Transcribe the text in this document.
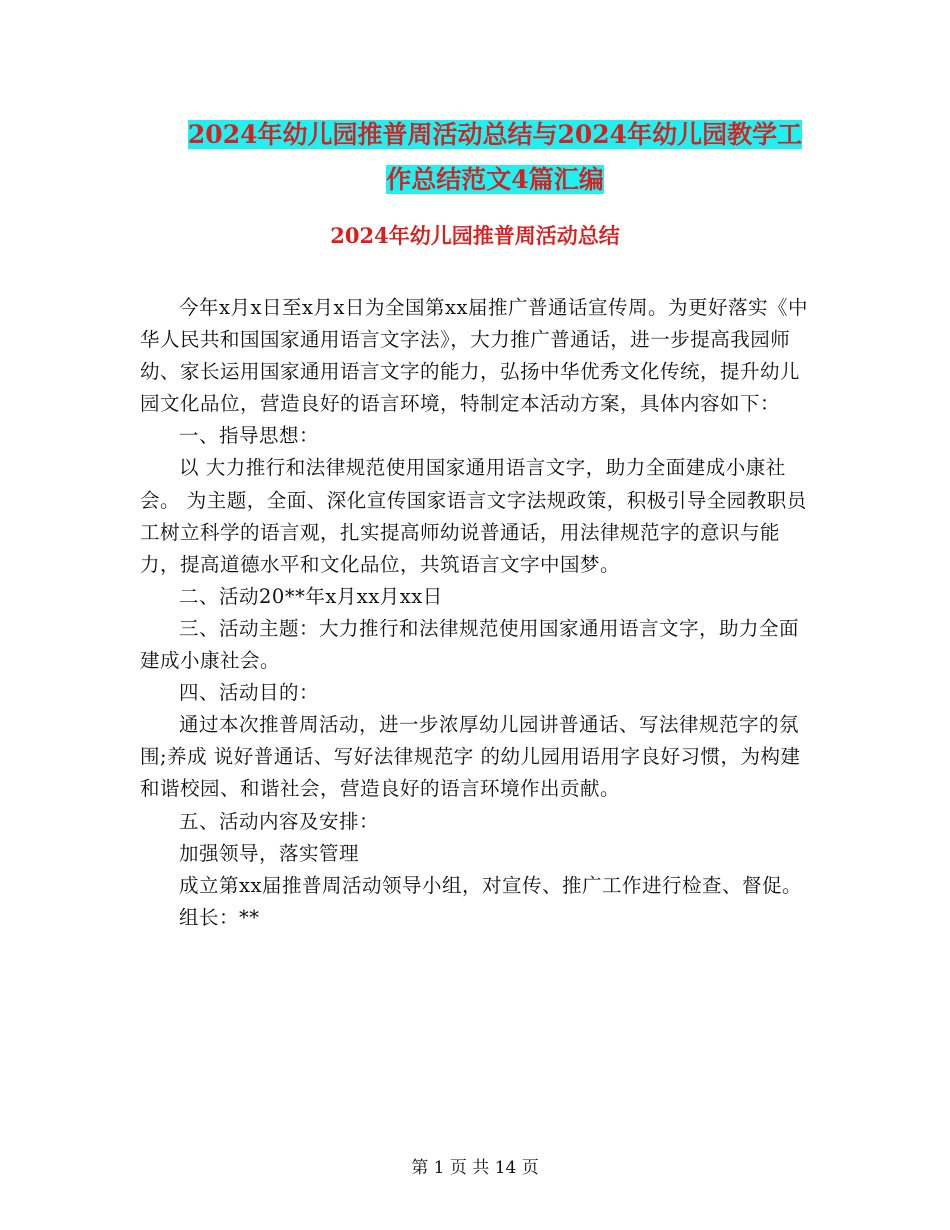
2024年幼儿园推普周活动总结与2024年幼儿园教学工
作总结范文4篇汇编
2024年幼儿园推普周活动总结

今年x月x日至x月x日为全国第xx届推广普通话宣传周。为更好落实《中华人民共和国国家通用语言文字法》，大力推广普通话，进一步提高我园师幼、家长运用国家通用语言文字的能力，弘扬中华优秀文化传统，提升幼儿园文化品位，营造良好的语言环境，特制定本活动方案，具体内容如下：

一、指导思想：

以 大力推行和法律规范使用国家通用语言文字，助力全面建成小康社会。 为主题，全面、深化宣传国家语言文字法规政策，积极引导全园教职员工树立科学的语言观，扎实提高师幼说普通话，用法律规范字的意识与能力，提高道德水平和文化品位，共筑语言文字中国梦。

二、活动20**年x月xx月xx日

三、活动主题：大力推行和法律规范使用国家通用语言文字，助力全面建成小康社会。

四、活动目的：

通过本次推普周活动，进一步浓厚幼儿园讲普通话、写法律规范字的氛围;养成 说好普通话、写好法律规范字 的幼儿园用语用字良好习惯，为构建和谐校园、和谐社会，营造良好的语言环境作出贡献。

五、活动内容及安排：

加强领导，落实管理

成立第xx届推普周活动领导小组，对宣传、推广工作进行检查、督促。

组长：**

第 1 页 共 14 页
